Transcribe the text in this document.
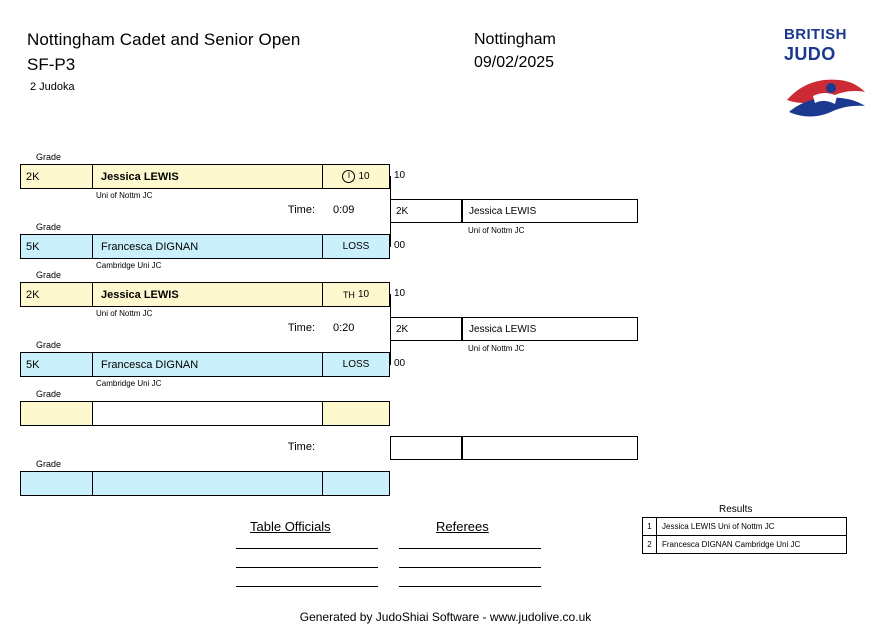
Nottingham Cadet and Senior Open
SF-P3
2 Judoka
Nottingham
09/02/2025
BRITISH
JUDO
Grade
2K	Jessica LEWIS	I 10 10
Uni of Nottm JC
Time: 0:09
Grade
5K	Francesca DIGNAN	LOSS	00
Cambridge Uni JC
2K	Jessica LEWIS
Uni of Nottm JC
Grade
2K	Jessica LEWIS	TH 10 10
Uni of Nottm JC
Time: 0:20
Grade
5K	Francesca DIGNAN	LOSS	00
Cambridge Uni JC
2K	Jessica LEWIS
Uni of Nottm JC
Grade
Time:
Grade
Table Officials	Referees
Results
1	Jessica LEWIS Uni of Nottm JC
2	Francesca DIGNAN Cambridge Uni JC
Generated by JudoShiai Software - www.judolive.co.uk
